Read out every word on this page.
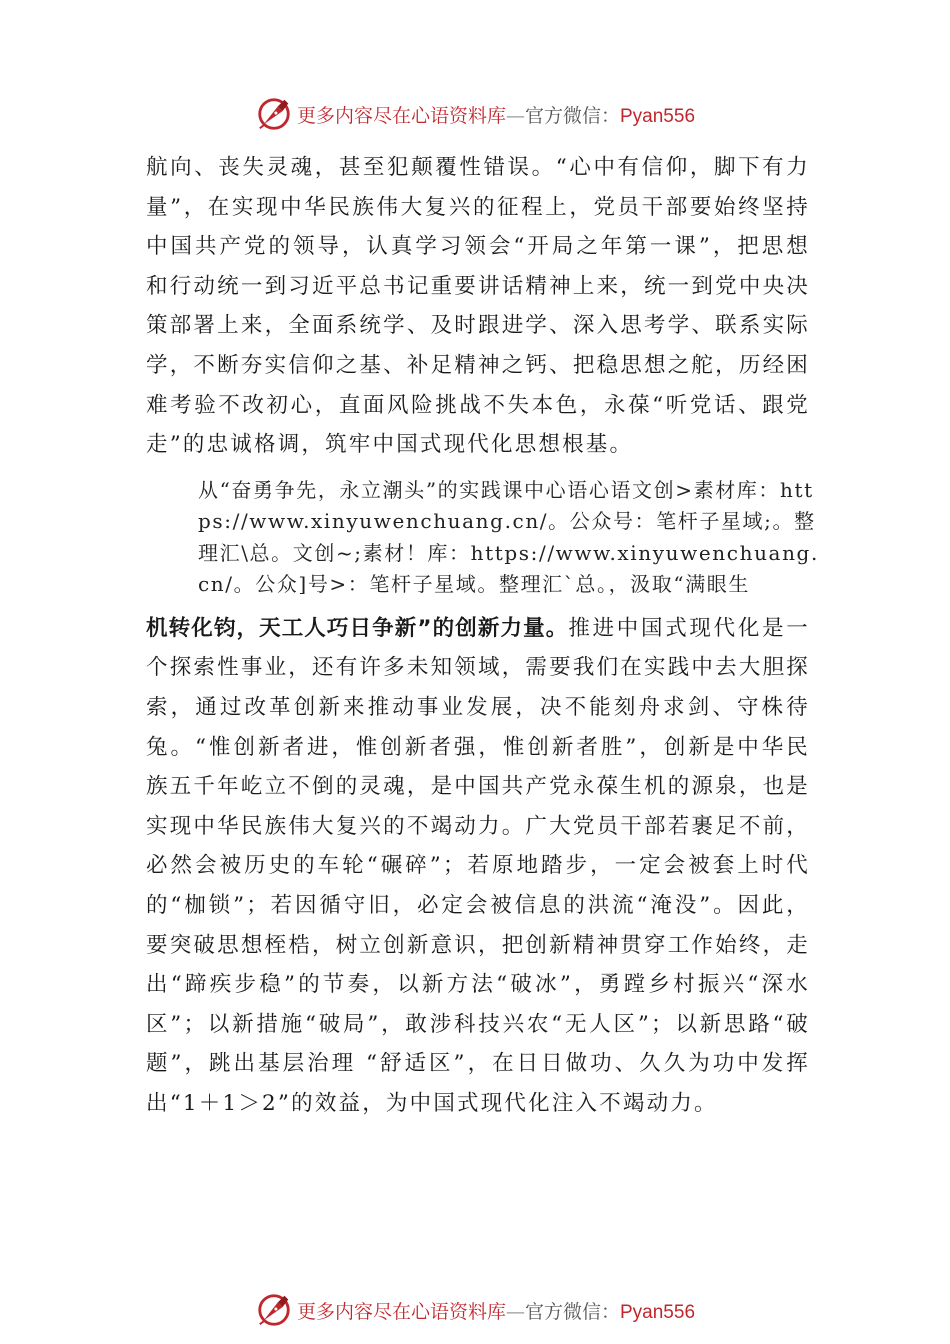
更多内容尽在心语资料库—官方微信：Pyan556

航向、丧失灵魂，甚至犯颠覆性错误。“心中有信仰，脚下有力量”，在实现中华民族伟大复兴的征程上，党员干部要始终坚持中国共产党的领导，认真学习领会“开局之年第一课”，把思想和行动统一到习近平总书记重要讲话精神上来，统一到党中央决策部署上来，全面系统学、及时跟进学、深入思考学、联系实际学，不断夯实信仰之基、补足精神之钙、把稳思想之舵，历经困难考验不改初心，直面风险挑战不失本色，永葆“听党话、跟党走”的忠诚格调，筑牢中国式现代化思想根基。

从“奋勇争先，永立潮头”的实践课中心语心语文创>素材库：https://www.xinyuwenchuang.cn/。公众号：笔杆子星域;。整理汇\总。文创~;素材！库：https://www.xinyuwenchuang.cn/。公众]号>：笔杆子星域。整理汇`总。，汲取“满眼生

机转化钧，天工人巧日争新”的创新力量。推进中国式现代化是一个探索性事业，还有许多未知领域，需要我们在实践中去大胆探索，通过改革创新来推动事业发展，决不能刻舟求剑、守株待兔。“惟创新者进，惟创新者强，惟创新者胜”，创新是中华民族五千年屹立不倒的灵魂，是中国共产党永葆生机的源泉，也是实现中华民族伟大复兴的不竭动力。广大党员干部若裹足不前，必然会被历史的车轮“碾碎”；若原地踏步，一定会被套上时代的“枷锁”；若因循守旧，必定会被信息的洪流“淹没”。因此，要突破思想桎梏，树立创新意识，把创新精神贯穿工作始终，走出“蹄疾步稳”的节奏，以新方法“破冰”，勇蹚乡村振兴“深水区”；以新措施“破局”，敢涉科技兴农“无人区”；以新思路“破题”，跳出基层治理 “舒适区”，在日日做功、久久为功中发挥出“1＋1＞2”的效益，为中国式现代化注入不竭动力。

更多内容尽在心语资料库—官方微信：Pyan556
